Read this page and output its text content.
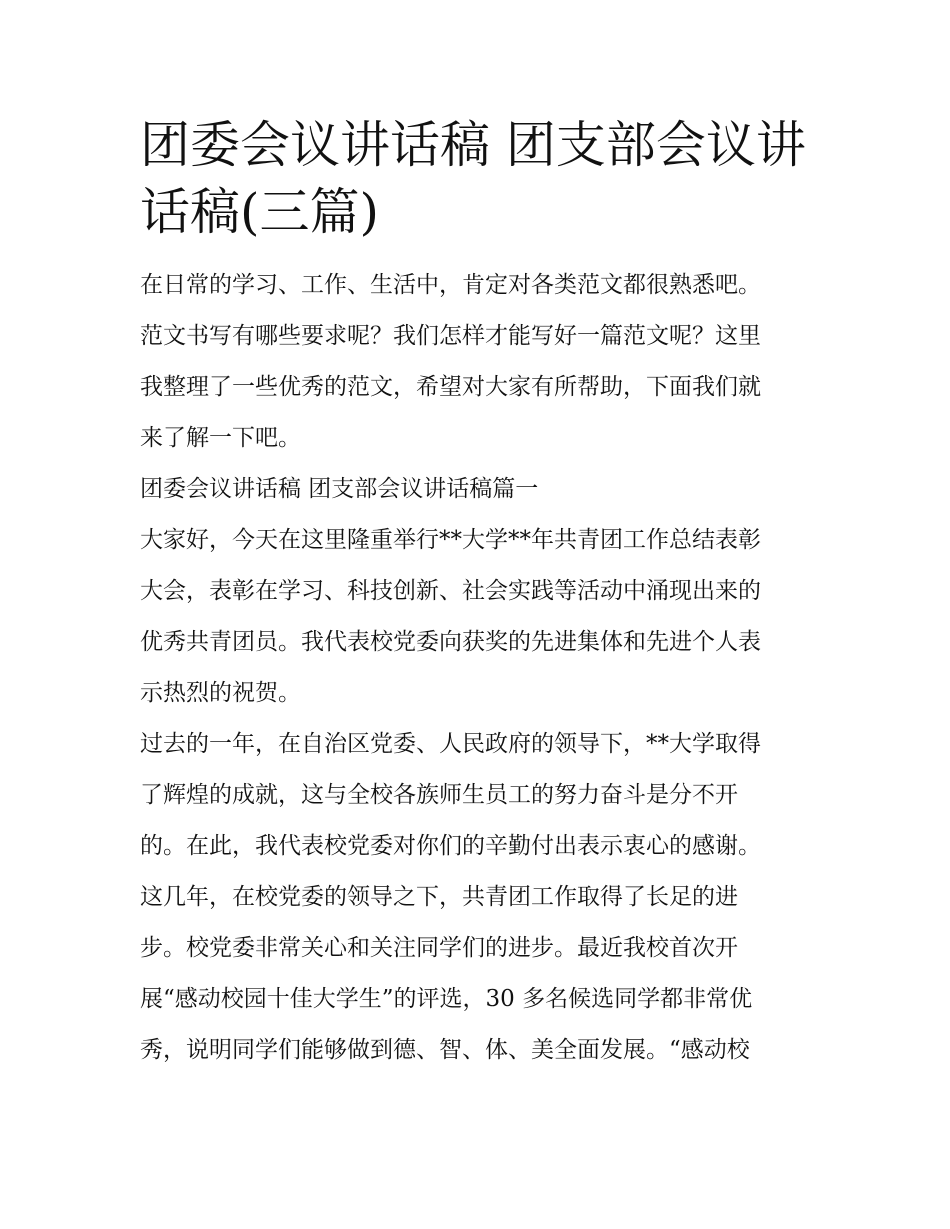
团委会议讲话稿 团支部会议讲
话稿(三篇)
在日常的学习、工作、生活中，肯定对各类范文都很熟悉吧。
范文书写有哪些要求呢？我们怎样才能写好一篇范文呢？这里
我整理了一些优秀的范文，希望对大家有所帮助，下面我们就
来了解一下吧。
团委会议讲话稿 团支部会议讲话稿篇一
大家好，今天在这里隆重举行**大学**年共青团工作总结表彰
大会，表彰在学习、科技创新、社会实践等活动中涌现出来的
优秀共青团员。我代表校党委向获奖的先进集体和先进个人表
示热烈的祝贺。
过去的一年，在自治区党委、人民政府的领导下，**大学取得
了辉煌的成就，这与全校各族师生员工的努力奋斗是分不开
的。在此，我代表校党委对你们的辛勤付出表示衷心的感谢。
这几年，在校党委的领导之下，共青团工作取得了长足的进
步。校党委非常关心和关注同学们的进步。最近我校首次开
展“感动校园十佳大学生”的评选，30 多名候选同学都非常优
秀，说明同学们能够做到德、智、体、美全面发展。“感动校
